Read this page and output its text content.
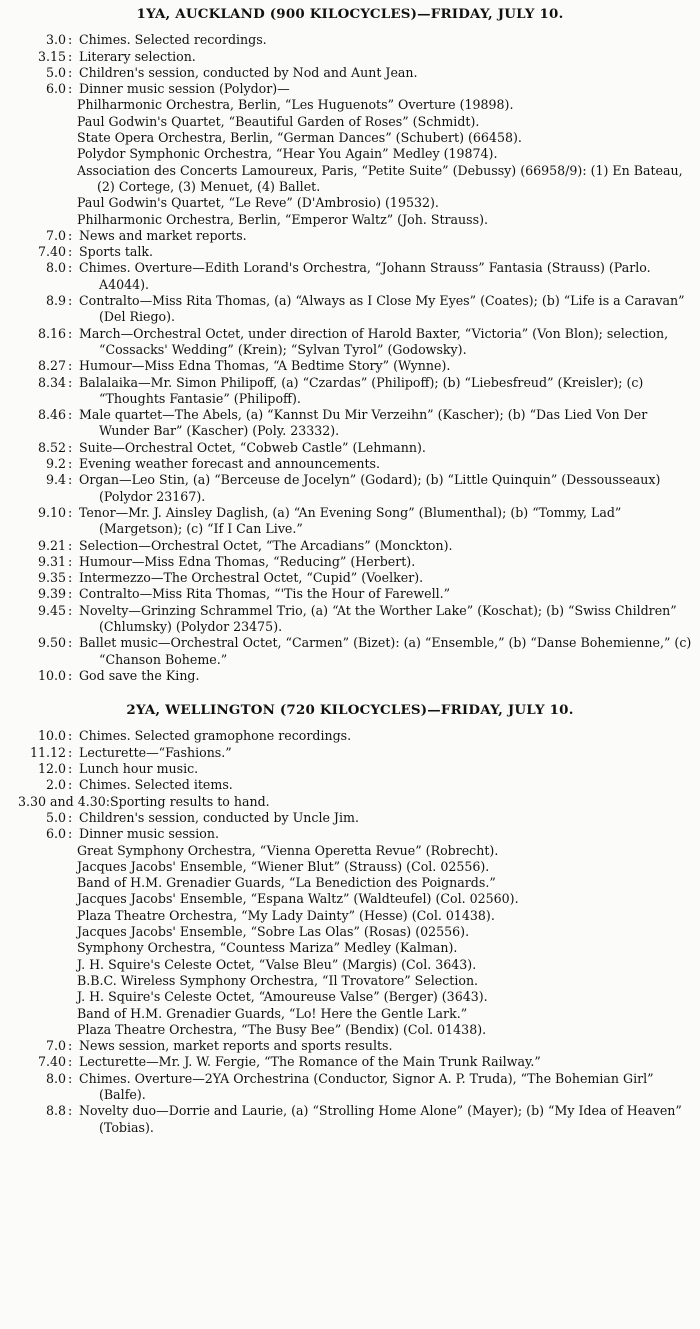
1YA, AUCKLAND (900 KILOCYCLES)—FRIDAY, JULY 10.
3.0 : Chimes. Selected recordings.
3.15 : Literary selection.
5.0 : Children's session, conducted by Nod and Aunt Jean.
6.0 : Dinner music session (Polydor)—
Philharmonic Orchestra, Berlin, “Les Huguenots” Overture (19898).
Paul Godwin's Quartet, “Beautiful Garden of Roses” (Schmidt).
State Opera Orchestra, Berlin, “German Dances” (Schubert) (66458).
Polydor Symphonic Orchestra, “Hear You Again” Medley (19874).
Association des Concerts Lamoureux, Paris, “Petite Suite” (Debussy) (66958/9): (1) En Bateau, (2) Cortege, (3) Menuet, (4) Ballet.
Paul Godwin's Quartet, “Le Reve” (D'Ambrosio) (19532).
Philharmonic Orchestra, Berlin, “Emperor Waltz” (Joh. Strauss).
7.0 : News and market reports.
7.40 : Sports talk.
8.0 : Chimes. Overture—Edith Lorand's Orchestra, “Johann Strauss” Fantasia (Strauss) (Parlo. A4044).
8.9 : Contralto—Miss Rita Thomas, (a) “Always as I Close My Eyes” (Coates); (b) “Life is a Caravan” (Del Riego).
8.16 : March—Orchestral Octet, under direction of Harold Baxter, “Victoria” (Von Blon); selection, “Cossacks' Wedding” (Krein); “Sylvan Tyrol” (Godowsky).
8.27 : Humour—Miss Edna Thomas, “A Bedtime Story” (Wynne).
8.34 : Balalaika—Mr. Simon Philipoff, (a) “Czardas” (Philipoff); (b) “Liebesfreud” (Kreisler); (c) “Thoughts Fantasie” (Philipoff).
8.46 : Male quartet—The Abels, (a) “Kannst Du Mir Verzeihn” (Kascher); (b) “Das Lied Von Der Wunder Bar” (Kascher) (Poly. 23332).
8.52 : Suite—Orchestral Octet, “Cobweb Castle” (Lehmann).
9.2 : Evening weather forecast and announcements.
9.4 : Organ—Leo Stin, (a) “Berceuse de Jocelyn” (Godard); (b) “Little Quinquin” (Dessousseaux) (Polydor 23167).
9.10 : Tenor—Mr. J. Ainsley Daglish, (a) “An Evening Song” (Blumenthal); (b) “Tommy, Lad” (Margetson); (c) “If I Can Live.”
9.21 : Selection—Orchestral Octet, “The Arcadians” (Monckton).
9.31 : Humour—Miss Edna Thomas, “Reducing” (Herbert).
9.35 : Intermezzo—The Orchestral Octet, “Cupid” (Voelker).
9.39 : Contralto—Miss Rita Thomas, “'Tis the Hour of Farewell.”
9.45 : Novelty—Grinzing Schrammel Trio, (a) “At the Worther Lake” (Koschat); (b) “Swiss Children” (Chlumsky) (Polydor 23475).
9.50 : Ballet music—Orchestral Octet, “Carmen” (Bizet): (a) “Ensemble,” (b) “Danse Bohemienne,” (c) “Chanson Boheme.”
10.0 : God save the King.
2YA, WELLINGTON (720 KILOCYCLES)—FRIDAY, JULY 10.
10.0 : Chimes. Selected gramophone recordings.
11.12 : Lecturette—“Fashions.”
12.0 : Lunch hour music.
2.0 : Chimes. Selected items.
3.30 and 4.30 : Sporting results to hand.
5.0 : Children's session, conducted by Uncle Jim.
6.0 : Dinner music session.
Great Symphony Orchestra, “Vienna Operetta Revue” (Robrecht).
Jacques Jacobs' Ensemble, “Wiener Blut” (Strauss) (Col. 02556).
Band of H.M. Grenadier Guards, “La Benediction des Poignards.”
Jacques Jacobs' Ensemble, “Espana Waltz” (Waldteufel) (Col. 02560).
Plaza Theatre Orchestra, “My Lady Dainty” (Hesse) (Col. 01438).
Jacques Jacobs' Ensemble, “Sobre Las Olas” (Rosas) (02556).
Symphony Orchestra, “Countess Mariza” Medley (Kalman).
J. H. Squire's Celeste Octet, “Valse Bleu” (Margis) (Col. 3643).
B.B.C. Wireless Symphony Orchestra, “Il Trovatore” Selection.
J. H. Squire's Celeste Octet, “Amoureuse Valse” (Berger) (3643).
Band of H.M. Grenadier Guards, “Lo! Here the Gentle Lark.”
Plaza Theatre Orchestra, “The Busy Bee” (Bendix) (Col. 01438).
7.0 : News session, market reports and sports results.
7.40 : Lecturette—Mr. J. W. Fergie, “The Romance of the Main Trunk Railway.”
8.0 : Chimes. Overture—2YA Orchestrina (Conductor, Signor A. P. Truda), “The Bohemian Girl” (Balfe).
8.8 : Novelty duo—Dorrie and Laurie, (a) “Strolling Home Alone” (Mayer); (b) “My Idea of Heaven” (Tobias).
